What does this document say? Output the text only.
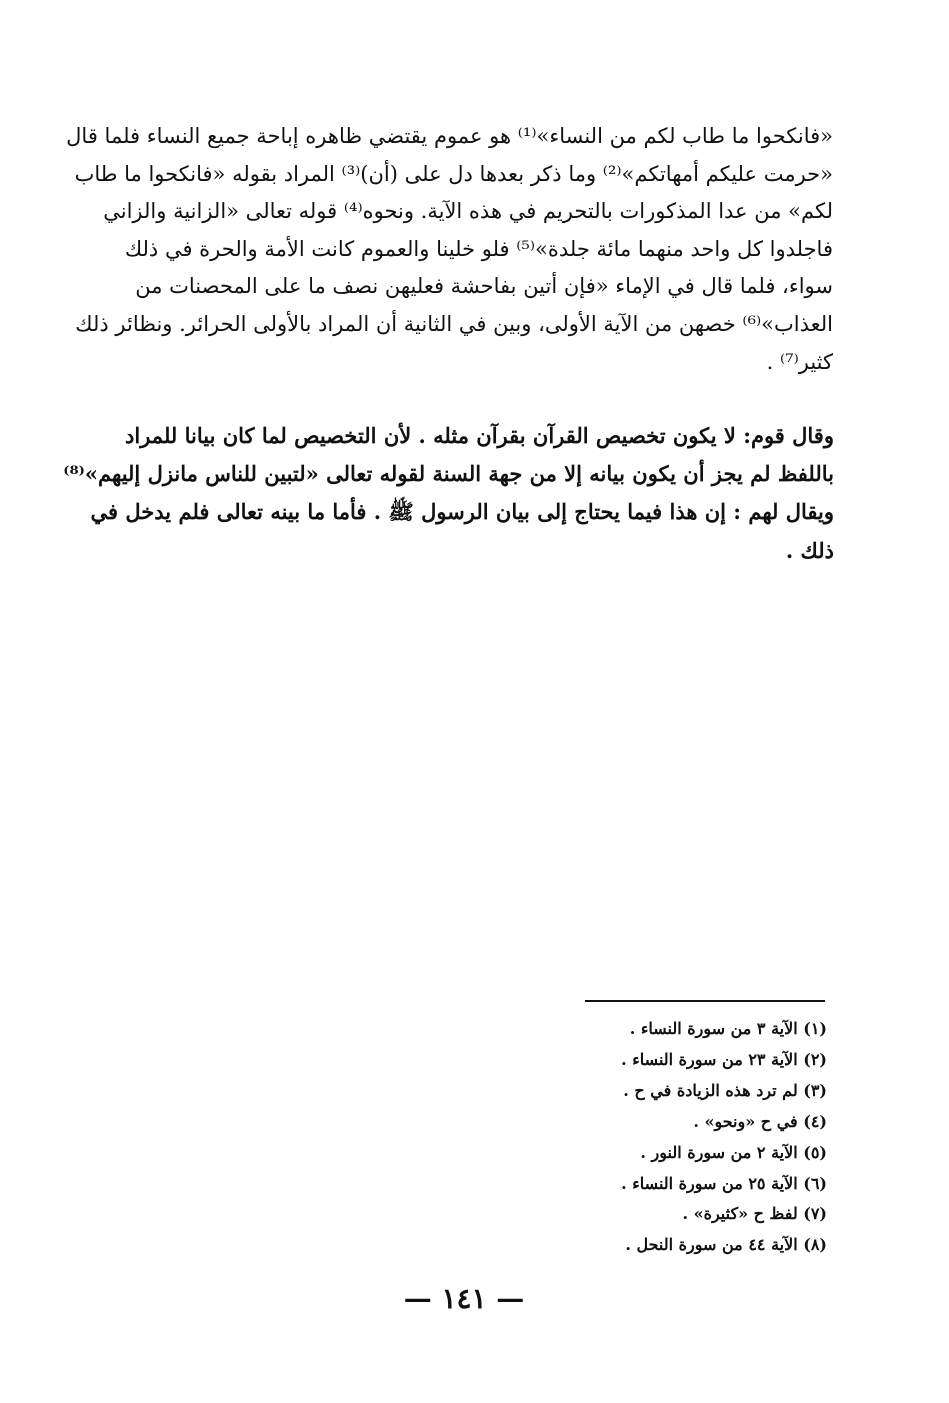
«فانكحوا ما طاب لكم من النساء»⁽¹⁾ هو عموم يقتضي ظاهره إباحة جميع النساء فلما قال
«حرمت عليكم أمهاتكم»⁽²⁾ وما ذكر بعدها دل على (أن)⁽³⁾ المراد بقوله «فانكحوا ما طاب
لكم» من عدا المذكورات بالتحريم في هذه الآية. ونحوه⁽⁴⁾ قوله تعالى «الزانية والزاني
فاجلدوا كل واحد منهما مائة جلدة»⁽⁵⁾ فلو خلينا والعموم كانت الأمة والحرة في ذلك
سواء، فلما قال في الإماء «فإن أتين بفاحشة فعليهن نصف ما على المحصنات من
العذاب»⁽⁶⁾ خصهن من الآية الأولى، وبين في الثانية أن المراد بالأولى الحرائر. ونظائر ذلك
كثير⁽⁷⁾ .
وقال قوم: لا يكون تخصيص القرآن بقرآن مثله . لأن التخصيص لما كان بيانا للمراد
باللفظ لم يجز أن يكون بيانه إلا من جهة السنة لقوله تعالى «لتبين للناس مانزل إليهم»⁽⁸⁾
ويقال لهم : إن هذا فيما يحتاج إلى بيان الرسول ﷺ . فأما ما بينه تعالى فلم يدخل في
ذلك .
(١) الآية ٣ من سورة النساء .
(٢) الآية ٢٣ من سورة النساء .
(٣) لم ترد هذه الزيادة في ح .
(٤) في ح «ونحو» .
(٥) الآية ٢ من سورة النور .
(٦) الآية ٢٥ من سورة النساء .
(٧) لفظ ح «كثيرة» .
(٨) الآية ٤٤ من سورة النحل .
— ١٤١ —
